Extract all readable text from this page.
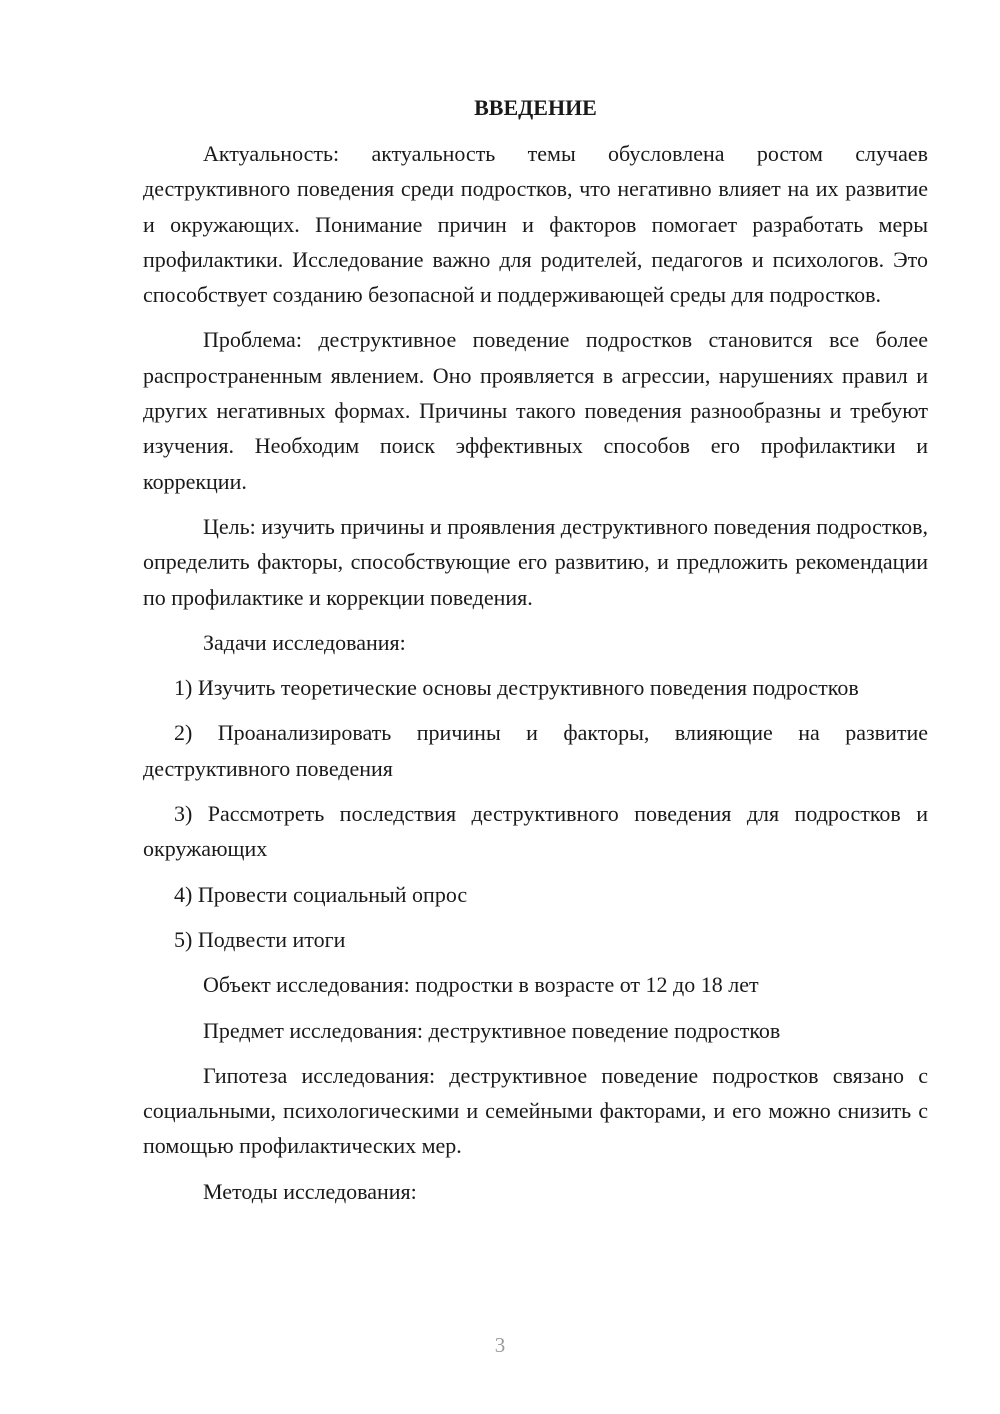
ВВЕДЕНИЕ

Актуальность: актуальность темы обусловлена ростом случаев деструктивного поведения среди подростков, что негативно влияет на их развитие и окружающих. Понимание причин и факторов помогает разработать меры профилактики. Исследование важно для родителей, педагогов и психологов. Это способствует созданию безопасной и поддерживающей среды для подростков.

Проблема: деструктивное поведение подростков становится все более распространенным явлением. Оно проявляется в агрессии, нарушениях правил и других негативных формах. Причины такого поведения разнообразны и требуют изучения. Необходим поиск эффективных способов его профилактики и коррекции.

Цель: изучить причины и проявления деструктивного поведения подростков, определить факторы, способствующие его развитию, и предложить рекомендации по профилактике и коррекции поведения.

Задачи исследования:

1) Изучить теоретические основы деструктивного поведения подростков

2) Проанализировать причины и факторы, влияющие на развитие деструктивного поведения

3) Рассмотреть последствия деструктивного поведения для подростков и окружающих

4) Провести социальный опрос

5) Подвести итоги

Объект исследования: подростки в возрасте от 12 до 18 лет

Предмет исследования: деструктивное поведение подростков

Гипотеза исследования: деструктивное поведение подростков связано с социальными, психологическими и семейными факторами, и его можно снизить с помощью профилактических мер.

Методы исследования:

3
